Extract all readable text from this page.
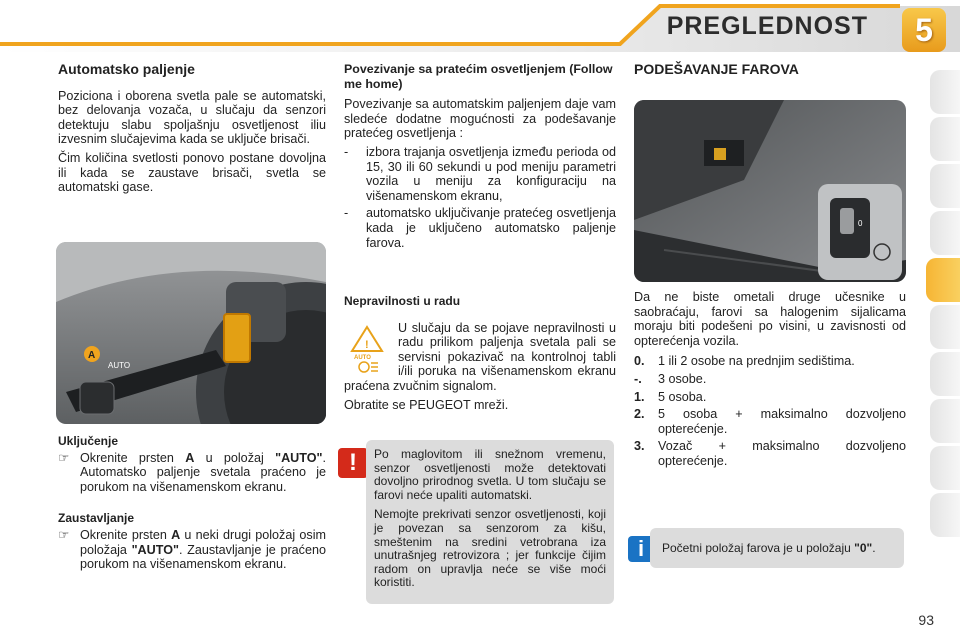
PREGLEDNOST	5
Automatsko paljenje

Poziciona i oborena svetla pale se automatski, bez delovanja vozača, u slučaju da senzori detektuju slabu spoljašnju osvetljenost iliu izvesnim slučajevima kada se uključe brisači.

Čim količina svetlosti ponovo postane dovoljna ili kada se zaustave brisači, svetla se automatski gase.

AUTO
A
Uključenje
☞ Okrenite prsten A u položaj "AUTO". Automatsko paljenje svetala praćeno je porukom na višenamenskom ekranu.
Zaustavljanje
☞ Okrenite prsten A u neki drugi položaj osim položaja "AUTO". Zaustavljanje je praćeno porukom na višenamenskom ekranu.
Povezivanje sa pratećim osvetljenjem (Follow me home)

Povezivanje sa automatskim paljenjem daje vam sledeće dodatne mogućnosti za podešavanje pratećeg osvetljenja :

-	izbora trajanja osvetljenja između perioda od 15, 30 ili 60 sekundi u pod meniju parametri vozila u meniju za konfiguraciju na višenamenskom ekranu,
-	automatsko uključivanje pratećeg osvetljenja kada je uključeno automatsko paljenje farova.
Nepravilnosti u radu
!
AUTO

U slučaju da se pojave nepravilnosti u radu prilikom paljenja svetala pali se servisni pokazivač na kontrolnoj tabli i/ili poruka na višenamenskom ekranu praćena zvučnim signalom.

Obratite se PEUGEOT mreži.

!	Po maglovitom ili snežnom vremenu, senzor osvetljenosti može detektovati dovoljno prirodnog svetla. U tom slučaju se farovi neće upaliti automatski.

Nemojte prekrivati senzor osvetljenosti, koji je povezan sa senzorom za kišu, smeštenim na sredini vetrobrana iza unutrašnjeg retrovizora ; jer funkcije čijim radom on upravlja neće se više moći koristiti.

PODEŠAVANJE FAROVA
0

Da ne biste ometali druge učesnike u saobraćaju, farovi sa halogenim sijalicama moraju biti podešeni po visini, u zavisnosti od opterećenja vozila.

0.	1 ili 2 osobe na prednjim sedištima.
-.	3 osobe.
1.	5 osoba.
2.	5 osoba + maksimalno dozvoljeno opterećenje.
3.	Vozač + maksimalno dozvoljeno opterećenje.
i	Početni položaj farova je u položaju "0".
93
